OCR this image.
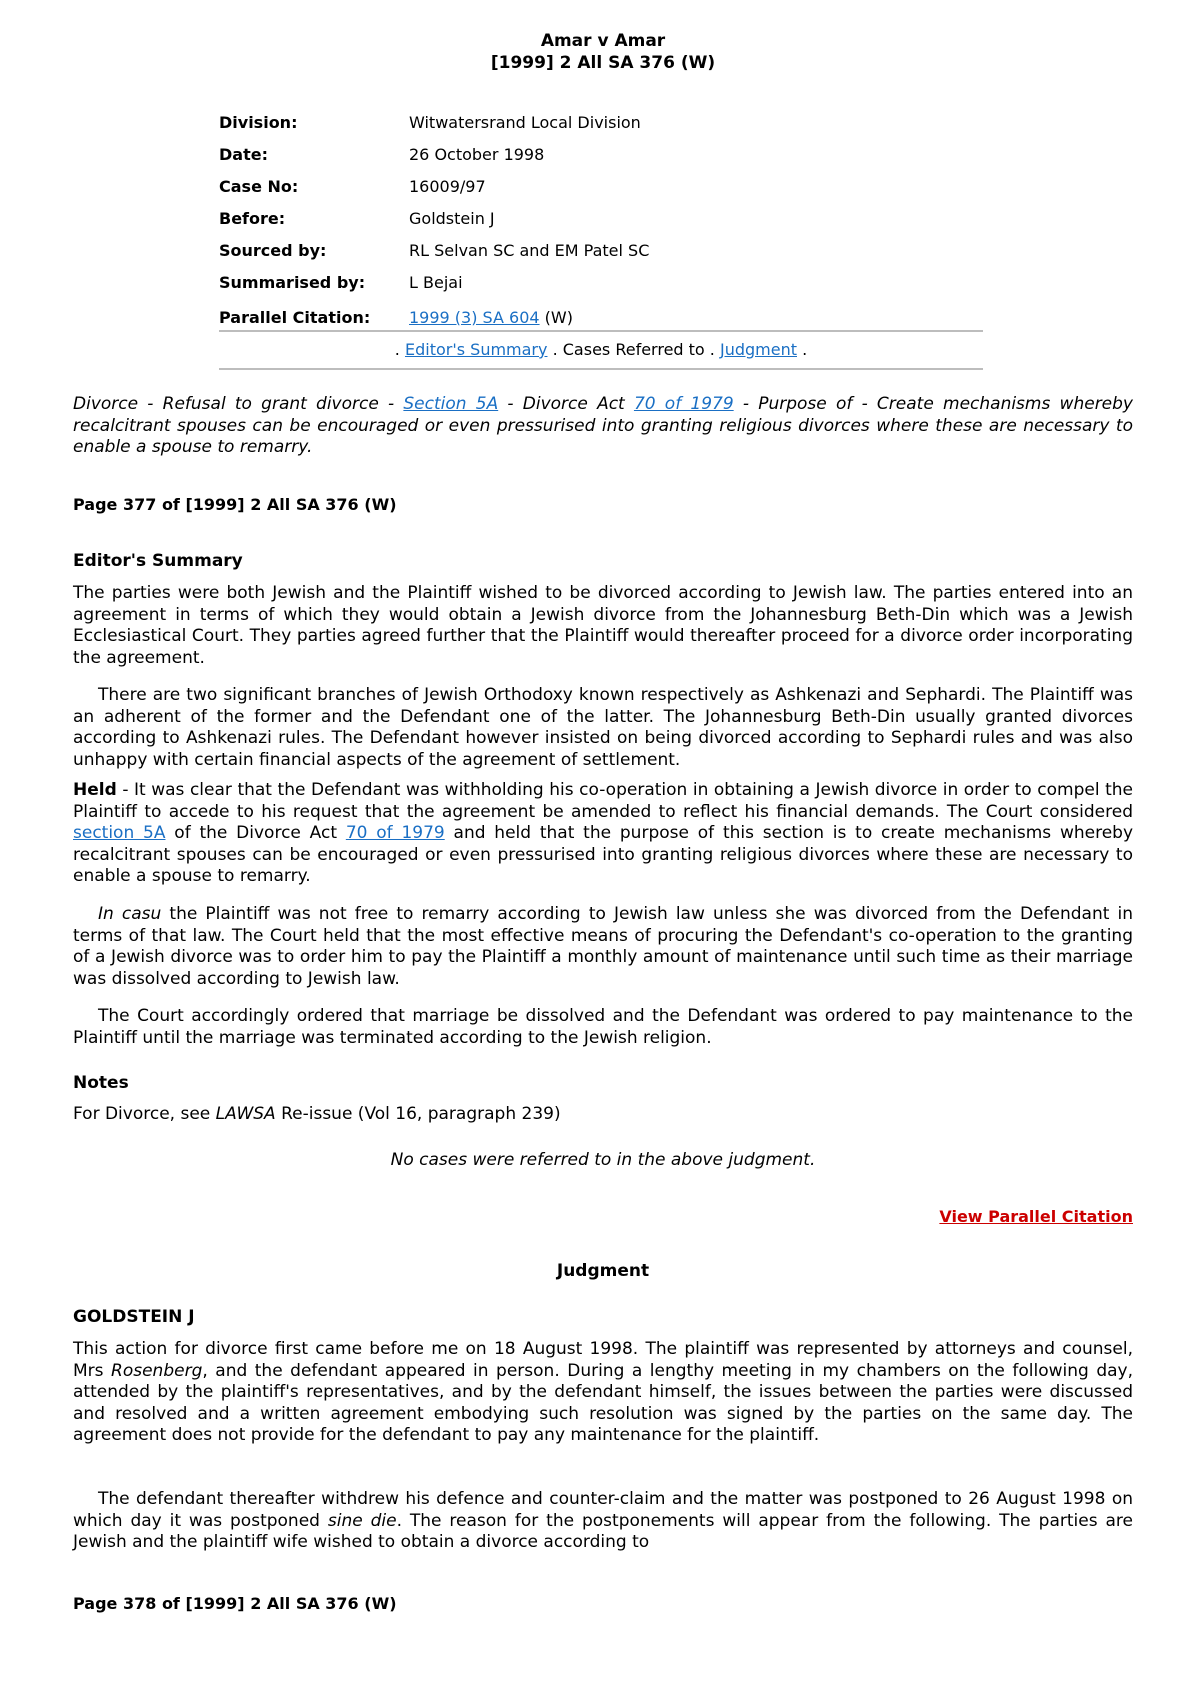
Amar v Amar
[1999] 2 All SA 376 (W)
Division:	Witwatersrand Local Division
Date:	26 October 1998
Case No:	16009/97
Before:	Goldstein J
Sourced by:	RL Selvan SC and EM Patel SC
Summarised by:	L Bejai
Parallel Citation:	1999 (3) SA 604 (W)
. Editor's Summary . Cases Referred to . Judgment .
Divorce - Refusal to grant divorce - Section 5A - Divorce Act 70 of 1979 - Purpose of - Create mechanisms whereby recalcitrant spouses can be encouraged or even pressurised into granting religious divorces where these are necessary to enable a spouse to remarry.
Page 377 of [1999] 2 All SA 376 (W)
Editor's Summary
The parties were both Jewish and the Plaintiff wished to be divorced according to Jewish law. The parties entered into an agreement in terms of which they would obtain a Jewish divorce from the Johannesburg Beth-Din which was a Jewish Ecclesiastical Court. They parties agreed further that the Plaintiff would thereafter proceed for a divorce order incorporating the agreement.
There are two significant branches of Jewish Orthodoxy known respectively as Ashkenazi and Sephardi. The Plaintiff was an adherent of the former and the Defendant one of the latter. The Johannesburg Beth-Din usually granted divorces according to Ashkenazi rules. The Defendant however insisted on being divorced according to Sephardi rules and was also unhappy with certain financial aspects of the agreement of settlement.
Held - It was clear that the Defendant was withholding his co-operation in obtaining a Jewish divorce in order to compel the Plaintiff to accede to his request that the agreement be amended to reflect his financial demands. The Court considered section 5A of the Divorce Act 70 of 1979 and held that the purpose of this section is to create mechanisms whereby recalcitrant spouses can be encouraged or even pressurised into granting religious divorces where these are necessary to enable a spouse to remarry.
In casu the Plaintiff was not free to remarry according to Jewish law unless she was divorced from the Defendant in terms of that law. The Court held that the most effective means of procuring the Defendant's co-operation to the granting of a Jewish divorce was to order him to pay the Plaintiff a monthly amount of maintenance until such time as their marriage was dissolved according to Jewish law.
The Court accordingly ordered that marriage be dissolved and the Defendant was ordered to pay maintenance to the Plaintiff until the marriage was terminated according to the Jewish religion.
Notes
For Divorce, see LAWSA Re-issue (Vol 16, paragraph 239)
No cases were referred to in the above judgment.
View Parallel Citation
Judgment
GOLDSTEIN J
This action for divorce first came before me on 18 August 1998. The plaintiff was represented by attorneys and counsel, Mrs Rosenberg, and the defendant appeared in person. During a lengthy meeting in my chambers on the following day, attended by the plaintiff's representatives, and by the defendant himself, the issues between the parties were discussed and resolved and a written agreement embodying such resolution was signed by the parties on the same day. The agreement does not provide for the defendant to pay any maintenance for the plaintiff.
The defendant thereafter withdrew his defence and counter-claim and the matter was postponed to 26 August 1998 on which day it was postponed sine die. The reason for the postponements will appear from the following. The parties are Jewish and the plaintiff wife wished to obtain a divorce according to
Page 378 of [1999] 2 All SA 376 (W)
